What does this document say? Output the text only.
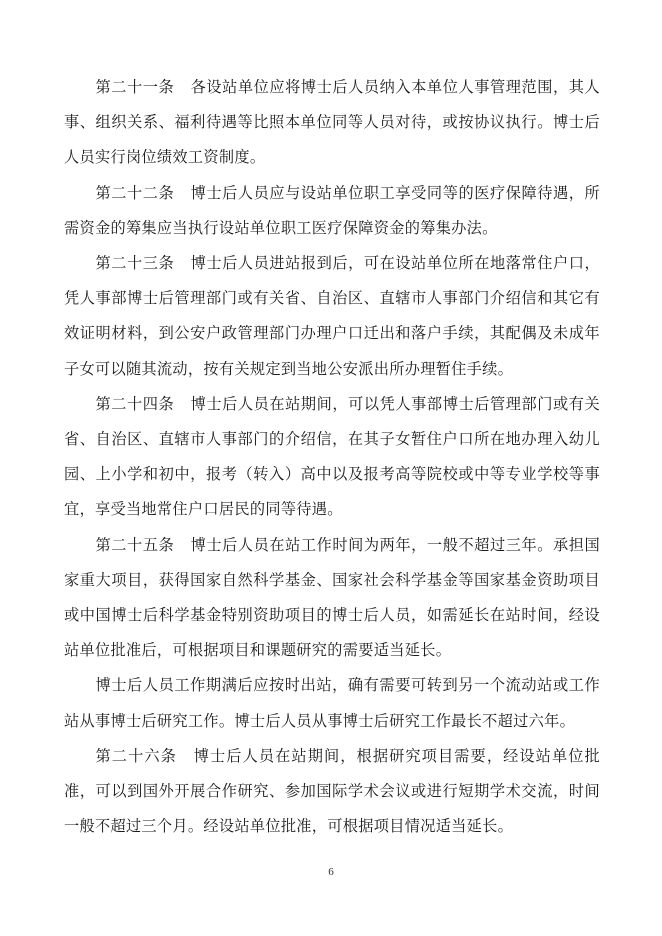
第二十一条 各设站单位应将博士后人员纳入本单位人事管理范围，其人事、组织关系、福利待遇等比照本单位同等人员对待，或按协议执行。博士后人员实行岗位绩效工资制度。

第二十二条 博士后人员应与设站单位职工享受同等的医疗保障待遇，所需资金的筹集应当执行设站单位职工医疗保障资金的筹集办法。

第二十三条 博士后人员进站报到后，可在设站单位所在地落常住户口，凭人事部博士后管理部门或有关省、自治区、直辖市人事部门介绍信和其它有效证明材料，到公安户政管理部门办理户口迁出和落户手续，其配偶及未成年子女可以随其流动，按有关规定到当地公安派出所办理暂住手续。

第二十四条 博士后人员在站期间，可以凭人事部博士后管理部门或有关省、自治区、直辖市人事部门的介绍信，在其子女暂住户口所在地办理入幼儿园、上小学和初中，报考（转入）高中以及报考高等院校或中等专业学校等事宜，享受当地常住户口居民的同等待遇。

第二十五条 博士后人员在站工作时间为两年，一般不超过三年。承担国家重大项目，获得国家自然科学基金、国家社会科学基金等国家基金资助项目或中国博士后科学基金特别资助项目的博士后人员，如需延长在站时间，经设站单位批准后，可根据项目和课题研究的需要适当延长。

博士后人员工作期满后应按时出站，确有需要可转到另一个流动站或工作站从事博士后研究工作。博士后人员从事博士后研究工作最长不超过六年。

第二十六条 博士后人员在站期间，根据研究项目需要，经设站单位批准，可以到国外开展合作研究、参加国际学术会议或进行短期学术交流，时间一般不超过三个月。经设站单位批准，可根据项目情况适当延长。

6
